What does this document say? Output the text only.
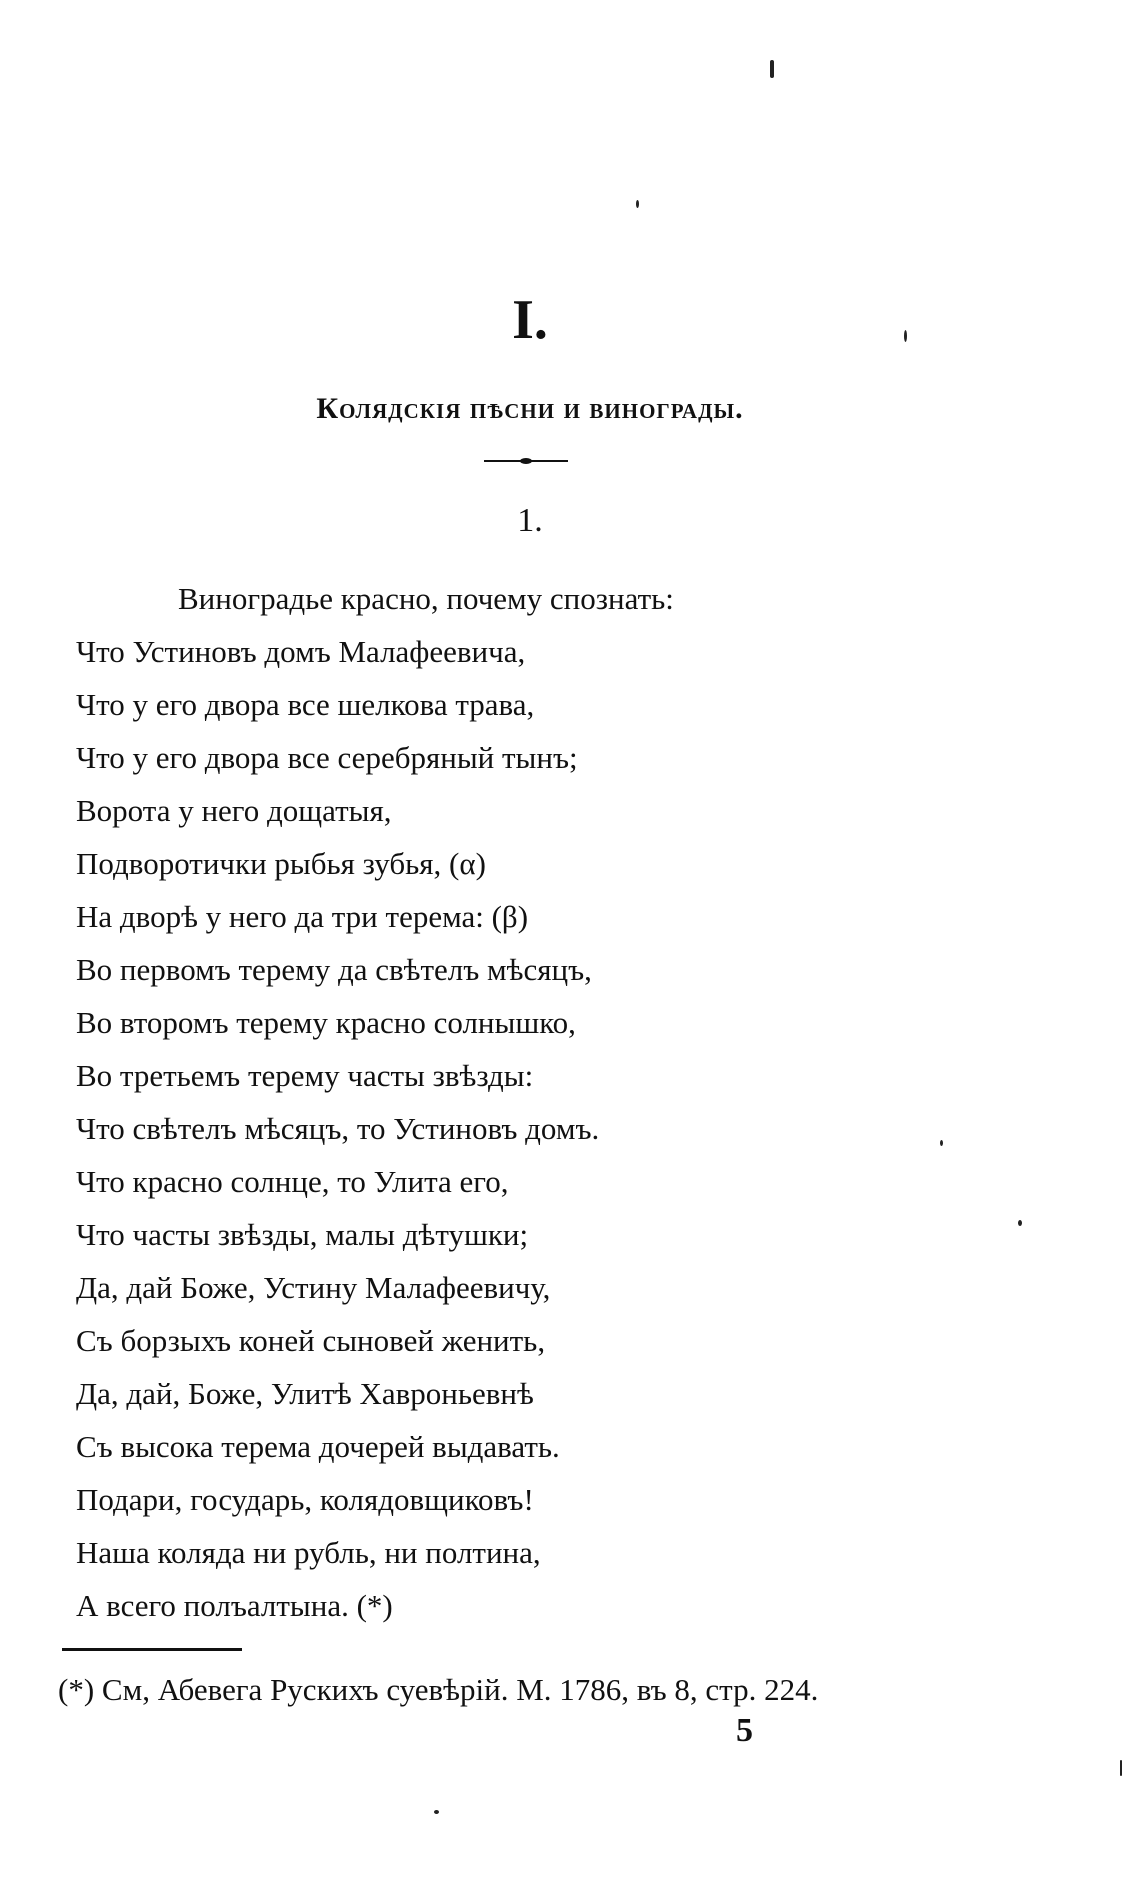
I.
Колядскія пѣсни и винограды.
1.
Виноградье красно, почему спознать:
Что Устиновъ домъ Малафеевича,
Что у его двора все шелкова трава,
Что у его двора все серебряный тынъ;
Ворота у него дощатыя,
Подворотички рыбья зубья, (α)
На дворѣ у него да три терема: (β)
Во первомъ терему да свѣтелъ мѣсяцъ,
Во второмъ терему красно солнышко,
Во третьемъ терему часты звѣзды:
Что свѣтелъ мѣсяцъ, то Устиновъ домъ.
Что красно солнце, то Улита его,
Что часты звѣзды, малы дѣтушки;
Да, дай Боже, Устину Малафеевичу,
Съ борзыхъ коней сыновей женить,
Да, дай, Боже, Улитѣ Хавроньевнѣ
Съ высока терема дочерей выдавать.
Подари, государь, колядовщиковъ!
Наша коляда ни рубль, ни полтина,
А всего полъалтына. (*)
(*) См, Абевега Рускихъ суевѣрій. М. 1786, въ 8, стр. 224.
5
